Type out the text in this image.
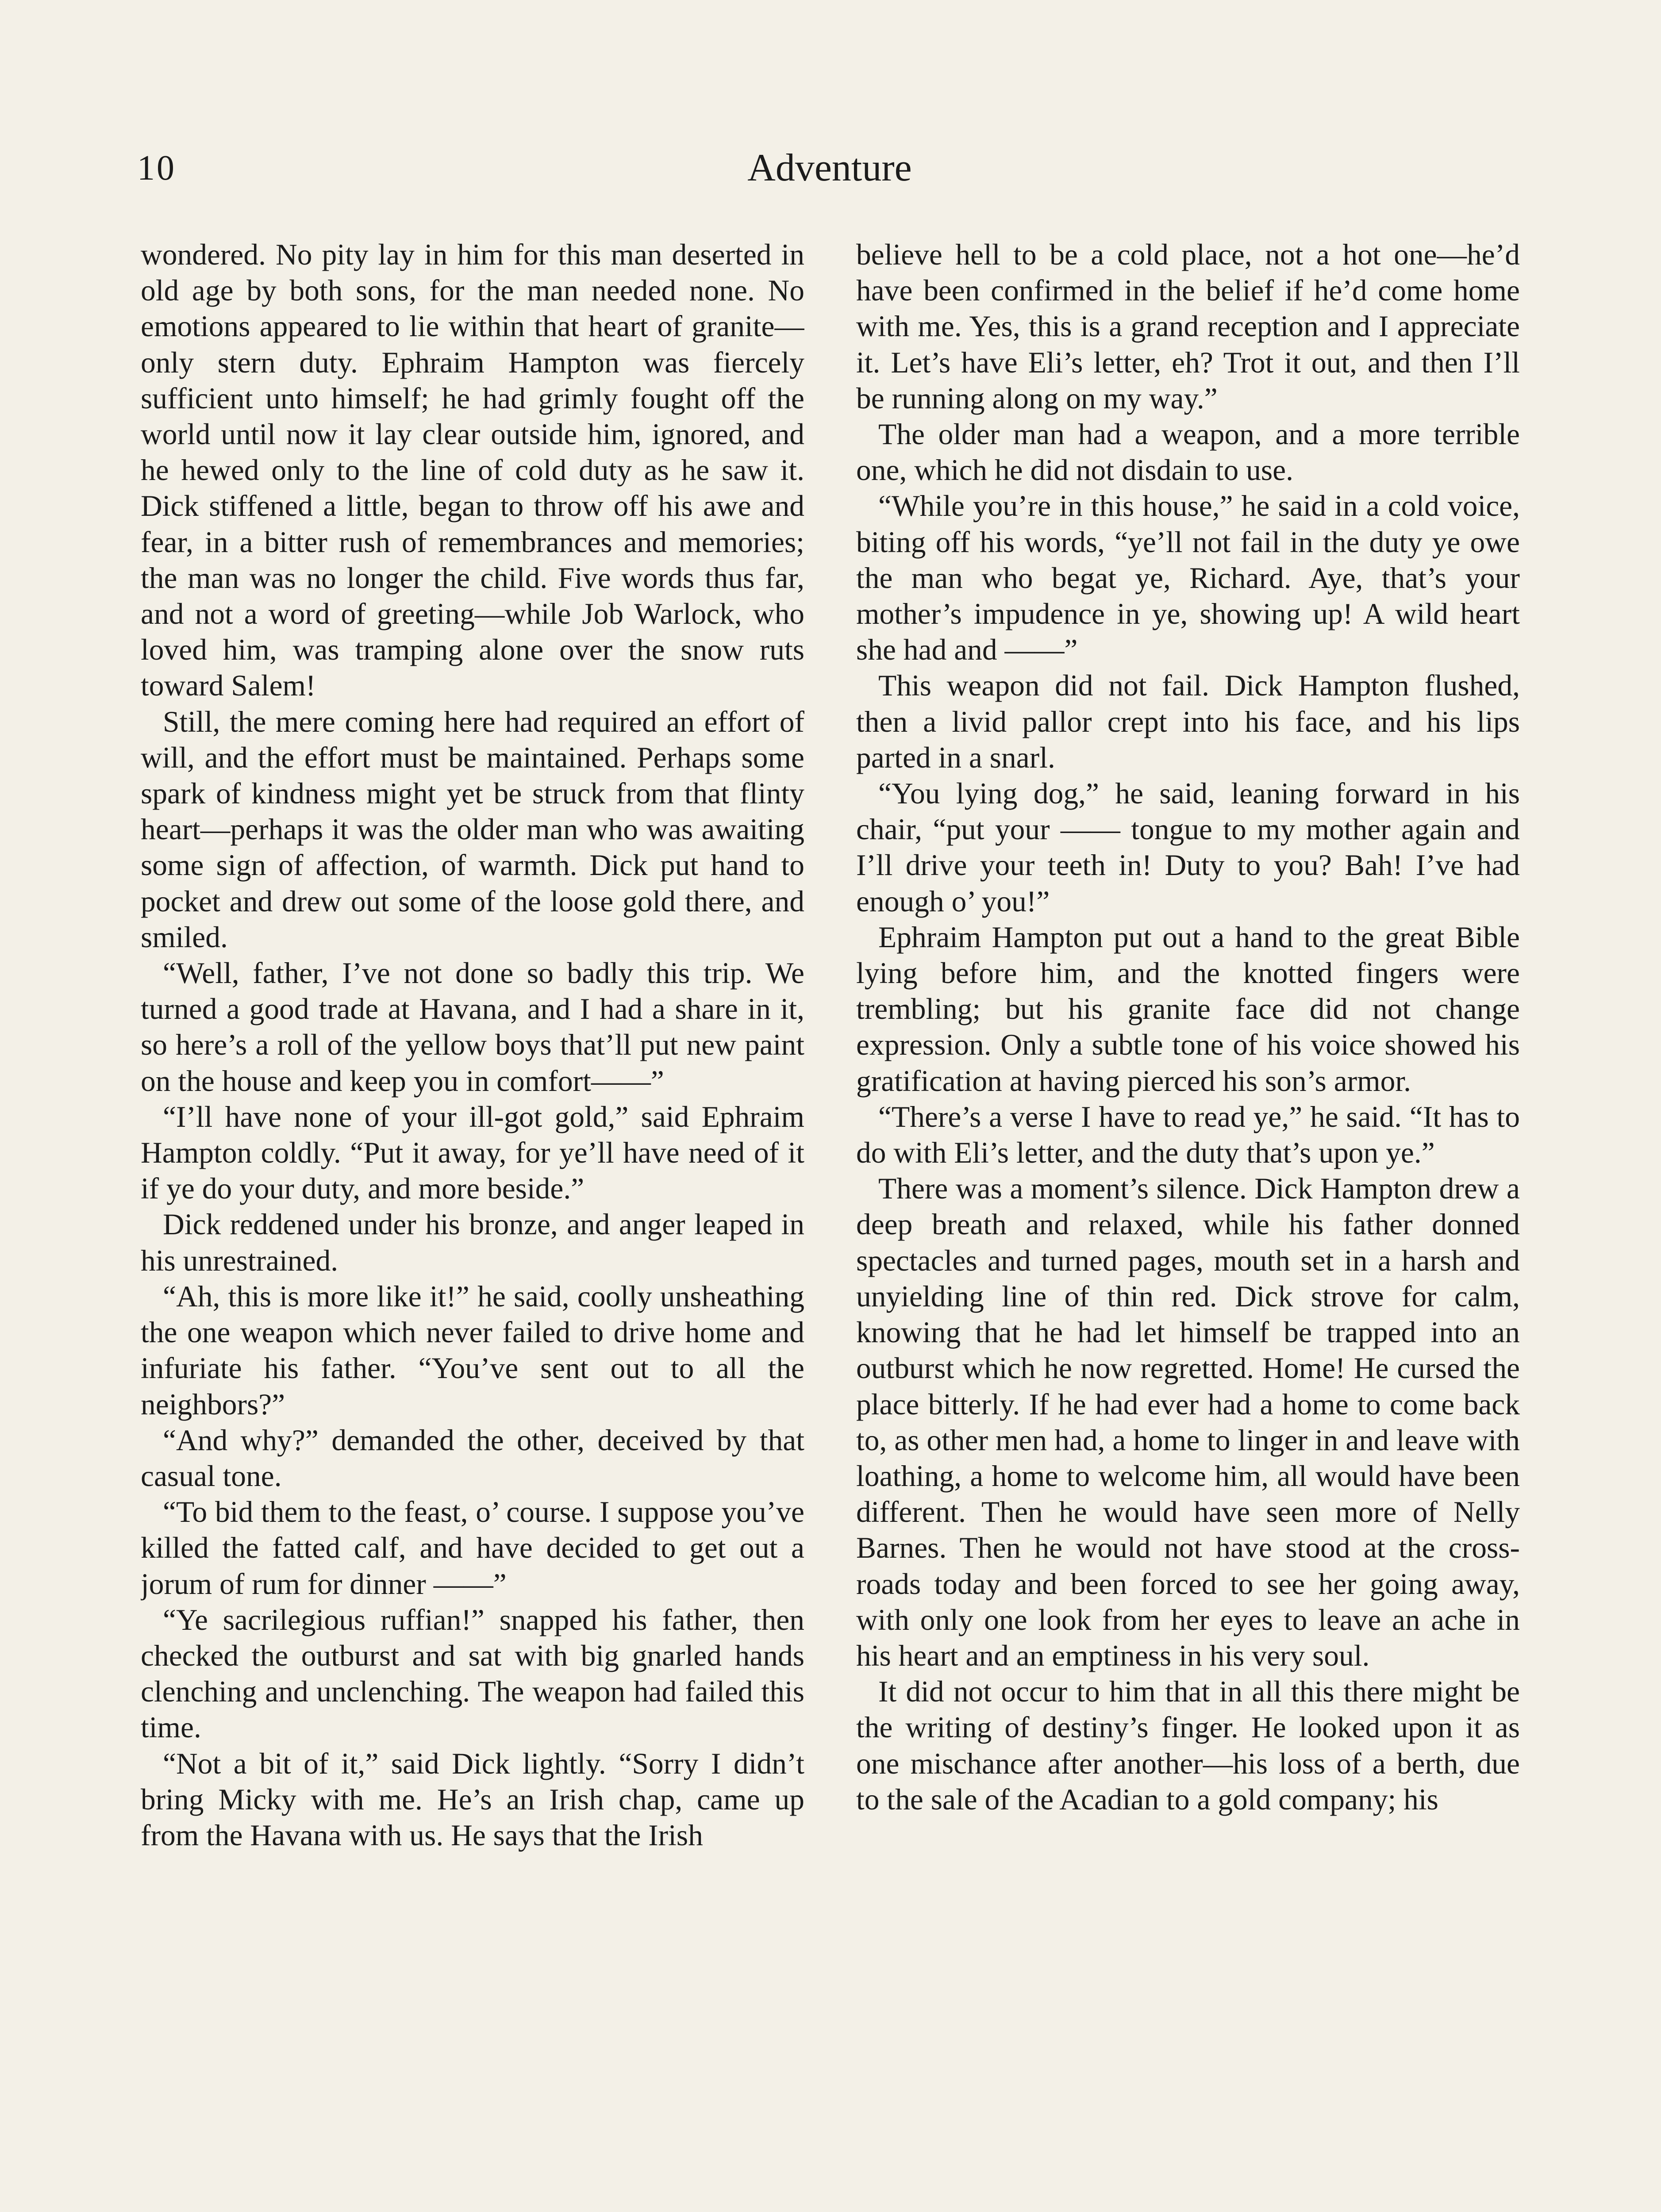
10	Adventure

wondered. No pity lay in him for this man deserted in old age by both sons, for the man needed none. No emotions appeared to lie within that heart of granite—only stern duty. Ephraim Hampton was fiercely sufficient unto himself; he had grimly fought off the world until now it lay clear outside him, ignored, and he hewed only to the line of cold duty as he saw it. Dick stiffened a little, began to throw off his awe and fear, in a bitter rush of remembrances and memories; the man was no longer the child. Five words thus far, and not a word of greeting—while Job Warlock, who loved him, was tramping alone over the snow ruts toward Salem!

Still, the mere coming here had required an effort of will, and the effort must be maintained. Perhaps some spark of kindness might yet be struck from that flinty heart—perhaps it was the older man who was awaiting some sign of affection, of warmth. Dick put hand to pocket and drew out some of the loose gold there, and smiled.

“Well, father, I’ve not done so badly this trip. We turned a good trade at Havana, and I had a share in it, so here’s a roll of the yellow boys that’ll put new paint on the house and keep you in comfort——”

“I’ll have none of your ill-got gold,” said Ephraim Hampton coldly. “Put it away, for ye’ll have need of it if ye do your duty, and more beside.”

Dick reddened under his bronze, and anger leaped in his unrestrained.

“Ah, this is more like it!” he said, coolly unsheathing the one weapon which never failed to drive home and infuriate his father. “You’ve sent out to all the neighbors?”

“And why?” demanded the other, deceived by that casual tone.

“To bid them to the feast, o’ course. I suppose you’ve killed the fatted calf, and have decided to get out a jorum of rum for dinner ——”

“Ye sacrilegious ruffian!” snapped his father, then checked the outburst and sat with big gnarled hands clenching and unclenching. The weapon had failed this time.

“Not a bit of it,” said Dick lightly. “Sorry I didn’t bring Micky with me. He’s an Irish chap, came up from the Havana with us. He says that the Irish

believe hell to be a cold place, not a hot one—he’d have been confirmed in the belief if he’d come home with me. Yes, this is a grand reception and I appreciate it. Let’s have Eli’s letter, eh? Trot it out, and then I’ll be running along on my way.”

The older man had a weapon, and a more terrible one, which he did not disdain to use.

“While you’re in this house,” he said in a cold voice, biting off his words, “ye’ll not fail in the duty ye owe the man who begat ye, Richard. Aye, that’s your mother’s impudence in ye, showing up! A wild heart she had and ——”

This weapon did not fail. Dick Hampton flushed, then a livid pallor crept into his face, and his lips parted in a snarl.

“You lying dog,” he said, leaning forward in his chair, “put your —— tongue to my mother again and I’ll drive your teeth in! Duty to you? Bah! I’ve had enough o’ you!”

Ephraim Hampton put out a hand to the great Bible lying before him, and the knotted fingers were trembling; but his granite face did not change expression. Only a subtle tone of his voice showed his gratification at having pierced his son’s armor.

“There’s a verse I have to read ye,” he said. “It has to do with Eli’s letter, and the duty that’s upon ye.”

There was a moment’s silence. Dick Hampton drew a deep breath and relaxed, while his father donned spectacles and turned pages, mouth set in a harsh and unyielding line of thin red. Dick strove for calm, knowing that he had let himself be trapped into an outburst which he now regretted. Home! He cursed the place bitterly. If he had ever had a home to come back to, as other men had, a home to linger in and leave with loathing, a home to welcome him, all would have been different. Then he would have seen more of Nelly Barnes. Then he would not have stood at the crossroads today and been forced to see her going away, with only one look from her eyes to leave an ache in his heart and an emptiness in his very soul.

It did not occur to him that in all this there might be the writing of destiny’s finger. He looked upon it as one mischance after another—his loss of a berth, due to the sale of the Acadian to a gold company; his
